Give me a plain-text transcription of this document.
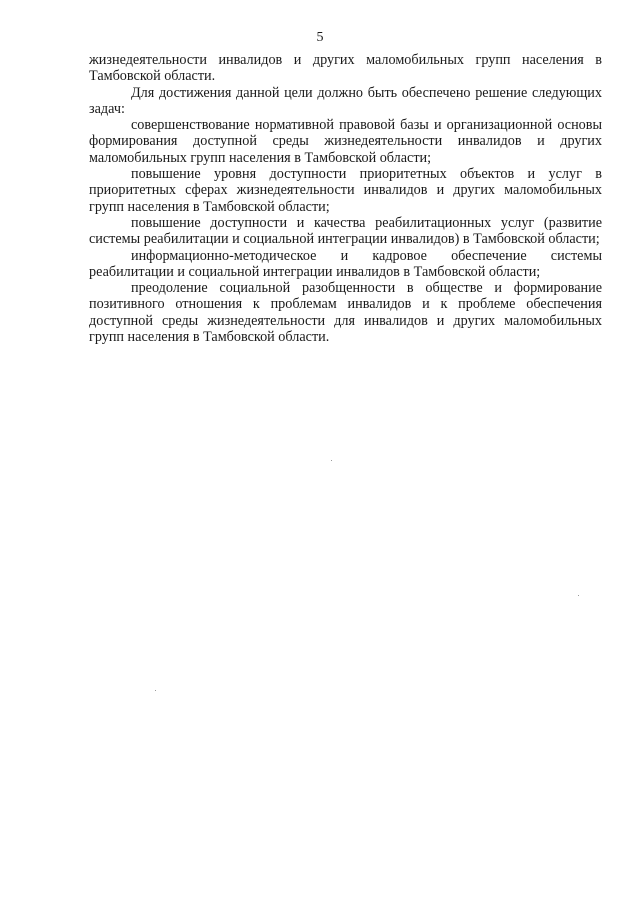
5

жизнедеятельности инвалидов и других маломобильных групп населения в Тамбовской области.

Для достижения данной цели должно быть обеспечено решение следующих задач:

совершенствование нормативной правовой базы и организационной основы формирования доступной среды жизнедеятельности инвалидов и других маломобильных групп населения в Тамбовской области;

повышение уровня доступности приоритетных объектов и услуг в приоритетных сферах жизнедеятельности инвалидов и других маломобильных групп населения в Тамбовской области;

повышение доступности и качества реабилитационных услуг (развитие системы реабилитации и социальной интеграции инвалидов) в Тамбовской области;

информационно-методическое и кадровое обеспечение системы реабилитации и социальной интеграции инвалидов в Тамбовской области;

преодоление социальной разобщенности в обществе и формирование позитивного отношения к проблемам инвалидов и к проблеме обеспечения доступной среды жизнедеятельности для инвалидов и других маломобильных групп населения в Тамбовской области.
